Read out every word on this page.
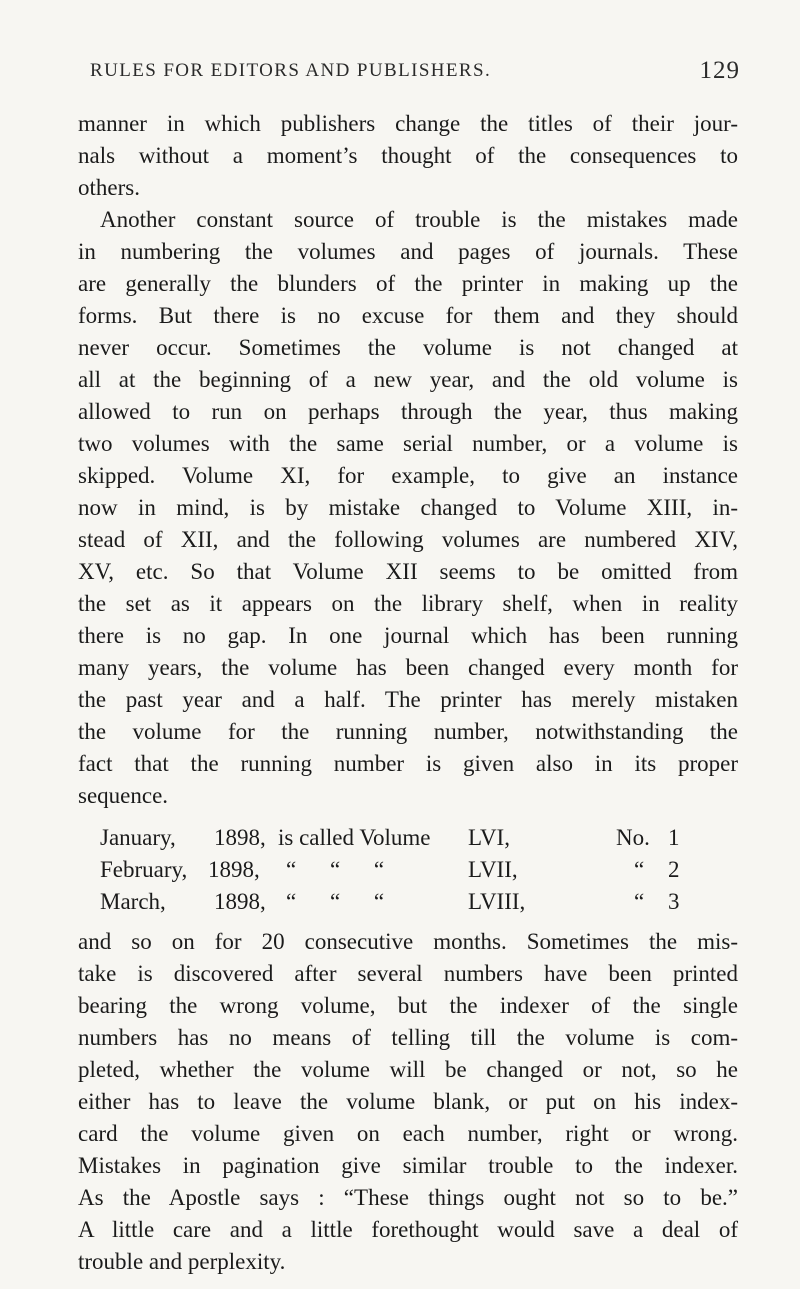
RULES FOR EDITORS AND PUBLISHERS.	129
manner in which publishers change the titles of their jour-
nals without a moment’s thought of the consequences to
others.
Another constant source of trouble is the mistakes made
in numbering the volumes and pages of journals. These
are generally the blunders of the printer in making up the
forms. But there is no excuse for them and they should
never occur. Sometimes the volume is not changed at
all at the beginning of a new year, and the old volume is
allowed to run on perhaps through the year, thus making
two volumes with the same serial number, or a volume is
skipped. Volume XI, for example, to give an instance
now in mind, is by mistake changed to Volume XIII, in-
stead of XII, and the following volumes are numbered XIV,
XV, etc. So that Volume XII seems to be omitted from
the set as it appears on the library shelf, when in reality
there is no gap. In one journal which has been running
many years, the volume has been changed every month for
the past year and a half. The printer has merely mistaken
the volume for the running number, notwithstanding the
fact that the running number is given also in its proper
sequence.
January, 1898, is called Volume LVI,	No. 1
February, 1898, “ “ “	LVII,	“ 2
March, 1898, “ “ “	LVIII,	“ 3
and so on for 20 consecutive months. Sometimes the mis-
take is discovered after several numbers have been printed
bearing the wrong volume, but the indexer of the single
numbers has no means of telling till the volume is com-
pleted, whether the volume will be changed or not, so he
either has to leave the volume blank, or put on his index-
card the volume given on each number, right or wrong.
Mistakes in pagination give similar trouble to the indexer.
As the Apostle says : “These things ought not so to be.”
A little care and a little forethought would save a deal of
trouble and perplexity.
